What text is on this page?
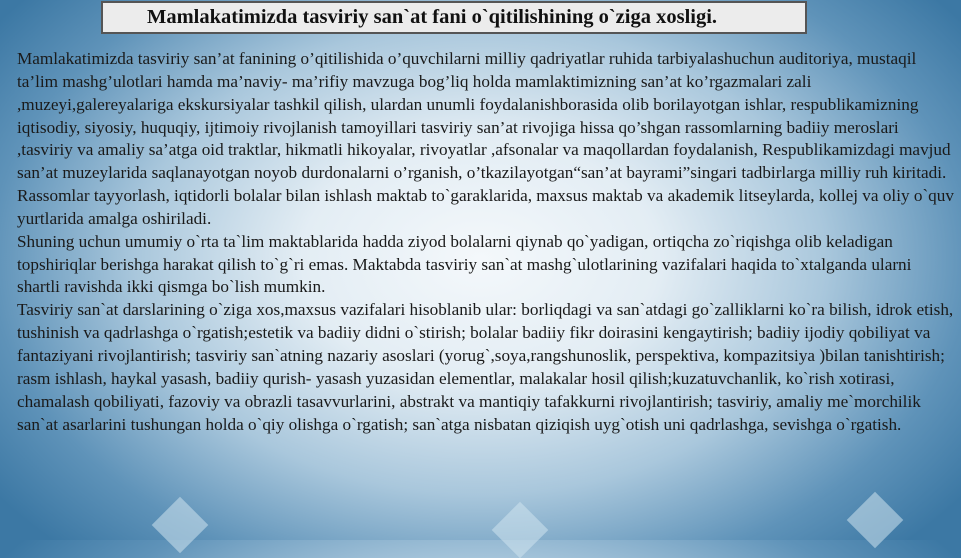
Mamlakatimizda tasviriy san`at fani o`qitilishining o`ziga xosligi.

Mamlakatimizda tasviriy san’at fanining o’qitilishida o’quvchilarni milliy qadriyatlar ruhida tarbiyalashuchun auditoriya, mustaqil ta’lim mashg’ulotlari hamda ma’naviy- ma’rifiy mavzuga bog’liq holda mamlaktimizning san’at ko’rgazmalari zali ,muzeyi,galereyalariga ekskursiyalar tashkil qilish, ulardan unumli foydalanishborasida olib borilayotgan ishlar, respublikamizning iqtisodiy, siyosiy, huquqiy, ijtimoiy rivojlanish tamoyillari tasviriy san’at rivojiga hissa qo’shgan rassomlarning badiiy meroslari ,tasviriy va amaliy sa’atga oid traktlar, hikmatli hikoyalar, rivoyatlar ,afsonalar va maqollardan foydalanish, Respublikamizdagi mavjud san’at muzeylarida saqlanayotgan noyob durdonalarni o’rganish, o’tkazilayotgan“san’at bayrami”singari tadbirlarga milliy ruh kiritadi. Rassomlar tayyorlash, iqtidorli bolalar bilan ishlash maktab to`garaklarida, maxsus maktab va akademik litseylarda, kollej va oliy o`quv yurtlarida amalga oshiriladi.

Shuning uchun umumiy o`rta ta`lim maktablarida hadda ziyod bolalarni qiynab qo`yadigan, ortiqcha zo`riqishga olib keladigan topshiriqlar berishga harakat qilish to`g`ri emas. Maktabda tasviriy san`at mashg`ulotlarining vazifalari haqida to`xtalganda ularni shartli ravishda ikki qismga bo`lish mumkin.

Tasviriy san`at darslarining o`ziga xos,maxsus vazifalari hisoblanib ular: borliqdagi va san`atdagi go`zalliklarni ko`ra bilish, idrok etish, tushinish va qadrlashga o`rgatish;estetik va badiiy didni o`stirish; bolalar badiiy fikr doirasini kengaytirish; badiiy ijodiy qobiliyat va fantaziyani rivojlantirish; tasviriy san`atning nazariy asoslari (yorug`,soya,rangshunoslik, perspektiva, kompazitsiya )bilan tanishtirish; rasm ishlash, haykal yasash, badiiy qurish- yasash yuzasidan elementlar, malakalar hosil qilish;kuzatuvchanlik, ko`rish xotirasi, chamalash qobiliyati, fazoviy va obrazli tasavvurlarini, abstrakt va mantiqiy tafakkurni rivojlantirish; tasviriy, amaliy me`morchilik san`at asarlarini tushungan holda o`qiy olishga o`rgatish; san`atga nisbatan qiziqish uyg`otish uni qadrlashga, sevishga o`rgatish.
